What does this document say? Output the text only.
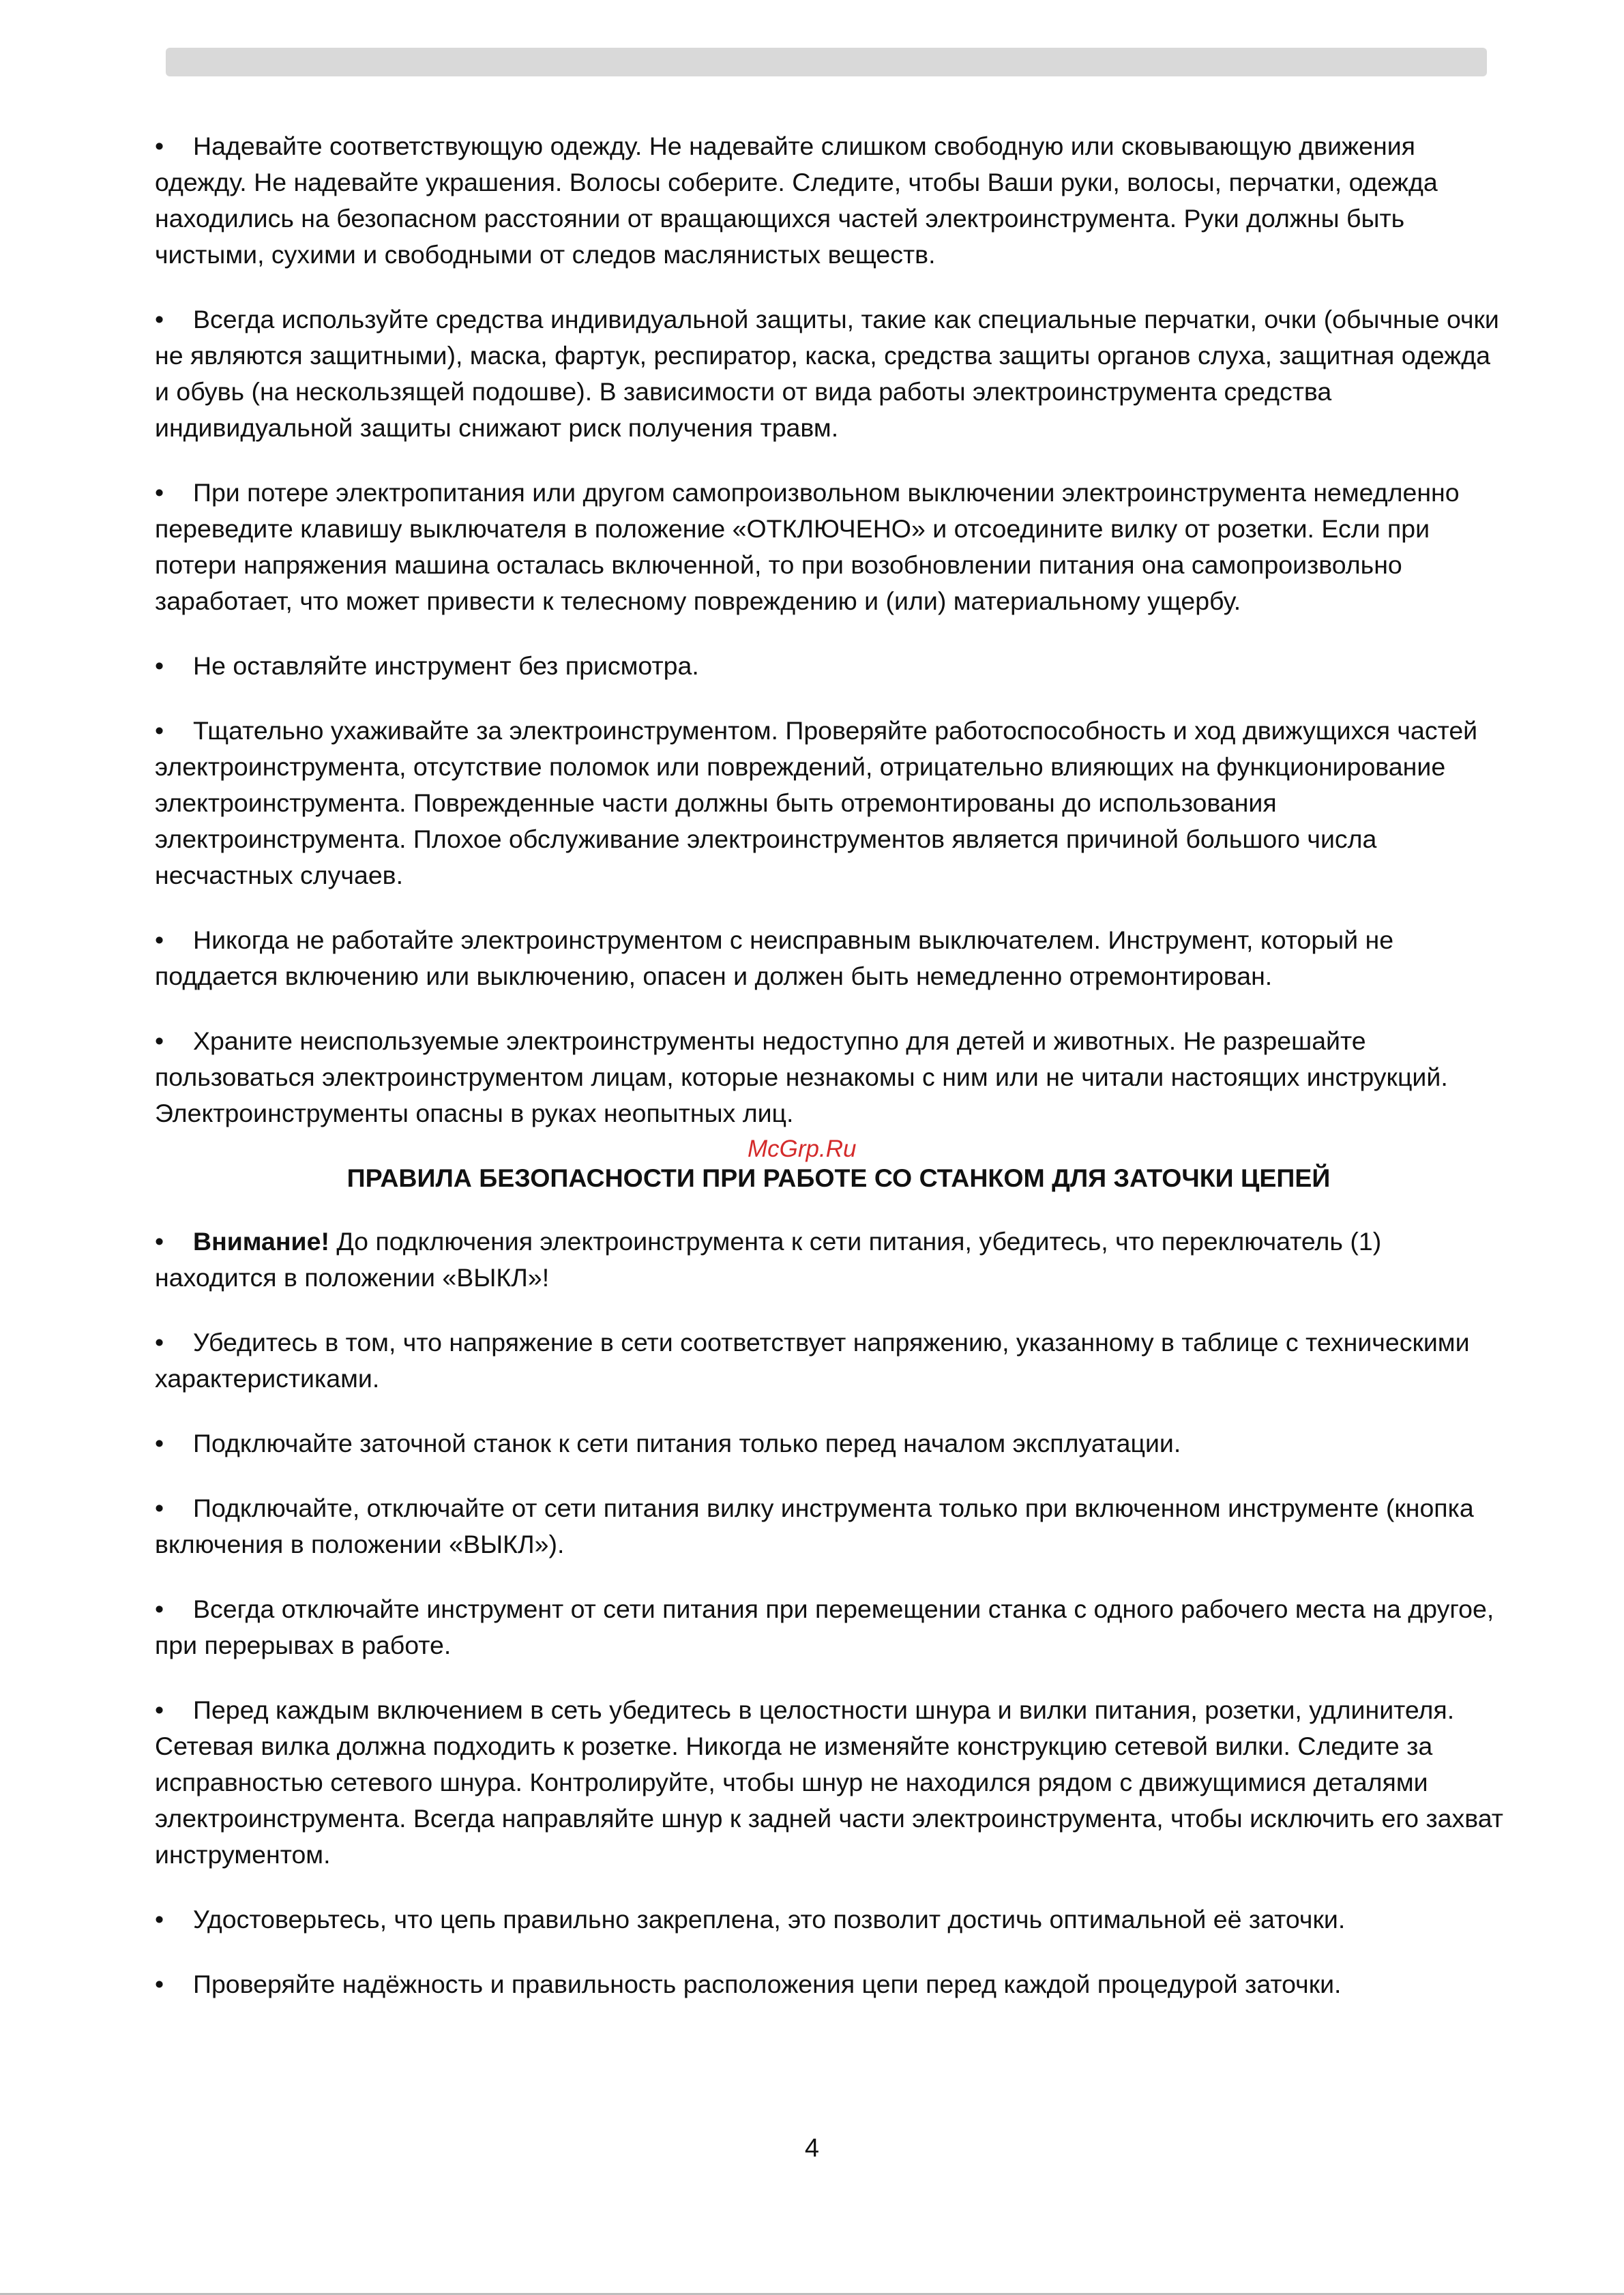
• Надевайте соответствующую одежду. Не надевайте слишком свободную или сковывающую движения одежду. Не надевайте украшения. Волосы соберите. Следите, чтобы Ваши руки, волосы, перчатки, одежда находились на безопасном расстоянии от вращающихся частей электроинструмента. Руки должны быть чистыми, сухими и свободными от следов маслянистых веществ.

• Всегда используйте средства индивидуальной защиты, такие как специальные перчатки, очки (обычные очки не являются защитными), маска, фартук, респиратор, каска, средства защиты органов слуха, защитная одежда и обувь (на нескользящей подошве). В зависимости от вида работы электроинструмента средства индивидуальной защиты снижают риск получения травм.

• При потере электропитания или другом самопроизвольном выключении электроинструмента немедленно переведите клавишу выключателя в положение «ОТКЛЮЧЕНО» и отсоедините вилку от розетки. Если при потери напряжения машина осталась включенной, то при возобновлении питания она самопроизвольно заработает, что может привести к телесному повреждению и (или) материальному ущербу.

• Не оставляйте инструмент без присмотра.

• Тщательно ухаживайте за электроинструментом. Проверяйте работоспособность и ход движущихся частей электроинструмента, отсутствие поломок или повреждений, отрицательно влияющих на функционирование электроинструмента. Поврежденные части должны быть отремонтированы до использования электроинструмента. Плохое обслуживание электроинструментов является причиной большого числа несчастных случаев.

• Никогда не работайте электроинструментом с неисправным выключателем. Инструмент, который не поддается включению или выключению, опасен и должен быть немедленно отремонтирован.

• Храните неиспользуемые электроинструменты недоступно для детей и животных. Не разрешайте пользоваться электроинструментом лицам, которые незнакомы с ним или не читали настоящих инструкций. Электроинструменты опасны в руках неопытных лиц.

ПРАВИЛА БЕЗОПАСНОСТИ ПРИ РАБОТЕ СО СТАНКОМ ДЛЯ ЗАТОЧКИ ЦЕПЕЙ

• Внимание! До подключения электроинструмента к сети питания, убедитесь, что переключатель (1) находится в положении «ВЫКЛ»!

• Убедитесь в том, что напряжение в сети соответствует напряжению, указанному в таблице с техническими характеристиками.

• Подключайте заточной станок к сети питания только перед началом эксплуатации.

• Подключайте, отключайте от сети питания вилку инструмента только при включенном инструменте (кнопка включения в положении «ВЫКЛ»).

• Всегда отключайте инструмент от сети питания при перемещении станка с одного рабочего места на другое, при перерывах в работе.

• Перед каждым включением в сеть убедитесь в целостности шнура и вилки питания, розетки, удлинителя. Сетевая вилка должна подходить к розетке. Никогда не изменяйте конструкцию сетевой вилки. Следите за исправностью сетевого шнура. Контролируйте, чтобы шнур не находился рядом с движущимися деталями электроинструмента. Всегда направляйте шнур к задней части электроинструмента, чтобы исключить его захват инструментом.

• Удостоверьтесь, что цепь правильно закреплена, это позволит достичь оптимальной её заточки.

• Проверяйте надёжность и правильность расположения цепи перед каждой процедурой заточки.

McGrp.Ru
4
